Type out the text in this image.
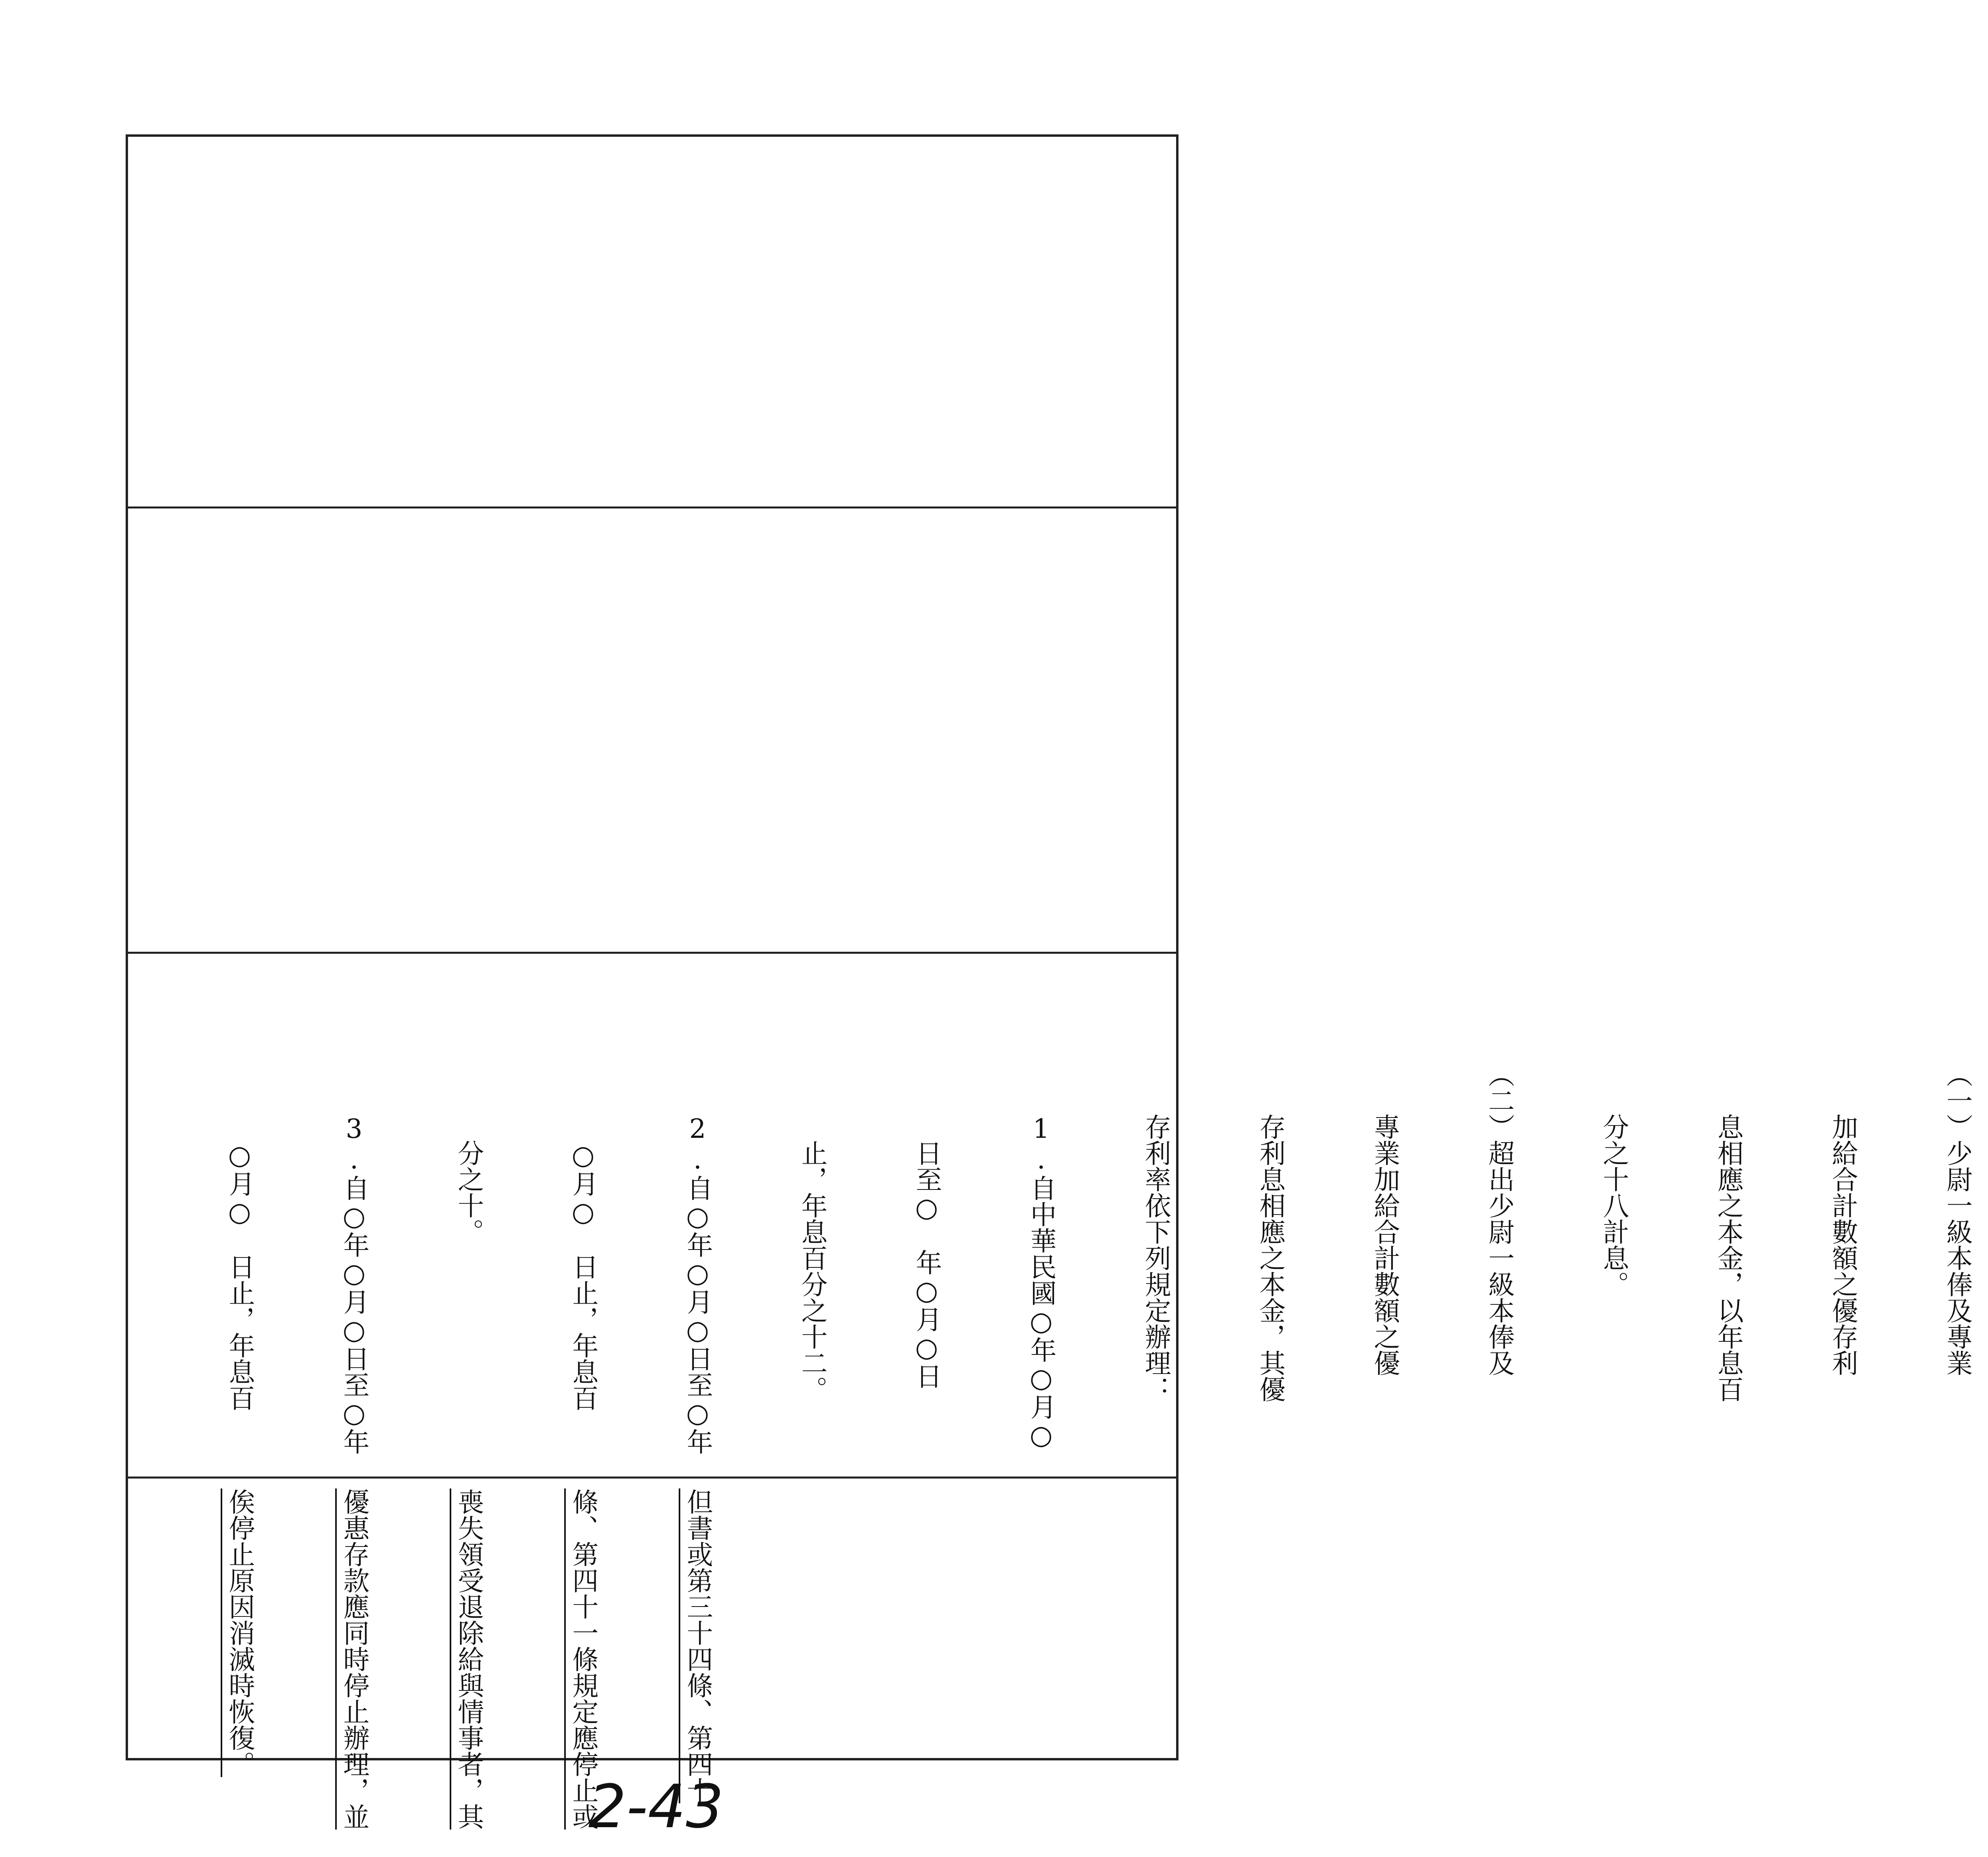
但書或第三十四條、第四十

條、第四十一條規定應停止或

喪失領受退除給與情事者，其

優惠存款應同時停止辦理，並

俟停止原因消滅時恢復。

（一）少尉一級本俸及專業

　　加給合計數額之優存利

　　息相應之本金，以年息百

　　分之十八計息。

（二）超出少尉一級本俸及

　　專業加給合計數額之優

　　存利息相應之本金，其優

　　存利率依下列規定辦理：

　　1.自中華民國○年○月○

　　　日至○　年○月○日

　　　止，年息百分之十二。

　　2.自○年○月○日至○年

　　　○月○　日止，年息百

　　　分之十。

　　3.自○年○月○日至○年

　　　○月○　日止，年息百

2-43
